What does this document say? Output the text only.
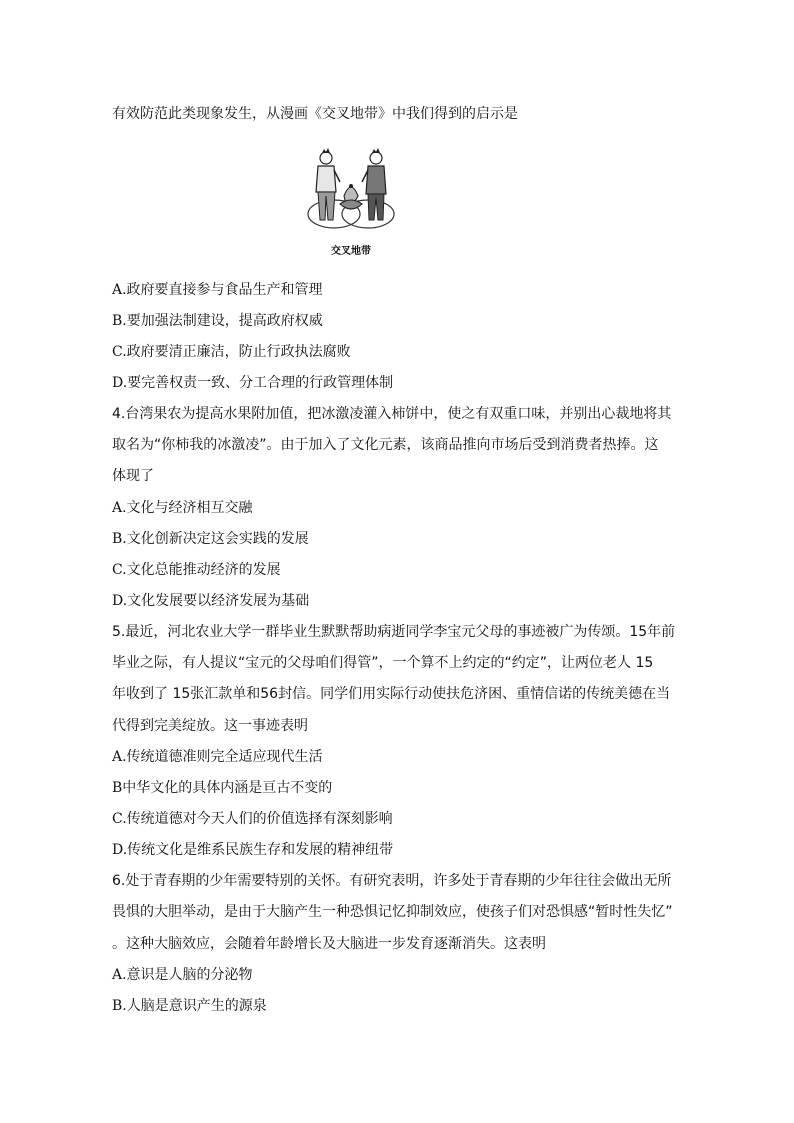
有效防范此类现象发生，从漫画《交叉地带》中我们得到的启示是
交叉地带
A.政府要直接参与食品生产和管理
B.要加强法制建设，提高政府权威
C.政府要清正廉洁，防止行政执法腐败
D.要完善权责一致、分工合理的行政管理体制
4.台湾果农为提高水果附加值，把冰激凌灌入柿饼中，使之有双重口味，并别出心裁地将其
取名为“你柿我的冰激凌”。由于加入了文化元素，该商品推向市场后受到消费者热捧。这
体现了
A.文化与经济相互交融
B.文化创新决定这会实践的发展
C.文化总能推动经济的发展
D.文化发展要以经济发展为基础
5.最近，河北农业大学一群毕业生默默帮助病逝同学李宝元父母的事迹被广为传颂。15年前
毕业之际，有人提议“宝元的父母咱们得管”，一个算不上约定的“约定”，让两位老人 15
年收到了 15张汇款单和56封信。同学们用实际行动使扶危济困、重情信诺的传统美德在当
代得到完美绽放。这一事迹表明
A.传统道德准则完全适应现代生活
B中华文化的具体内涵是亘古不变的
C.传统道德对今天人们的价值选择有深刻影响
D.传统文化是维系民族生存和发展的精神纽带
6.处于青春期的少年需要特别的关怀。有研究表明，许多处于青春期的少年往往会做出无所
畏惧的大胆举动，是由于大脑产生一种恐惧记忆抑制效应，使孩子们对恐惧感“暂时性失忆”
。这种大脑效应，会随着年龄增长及大脑进一步发育逐渐消失。这表明
A.意识是人脑的分泌物
B.人脑是意识产生的源泉
